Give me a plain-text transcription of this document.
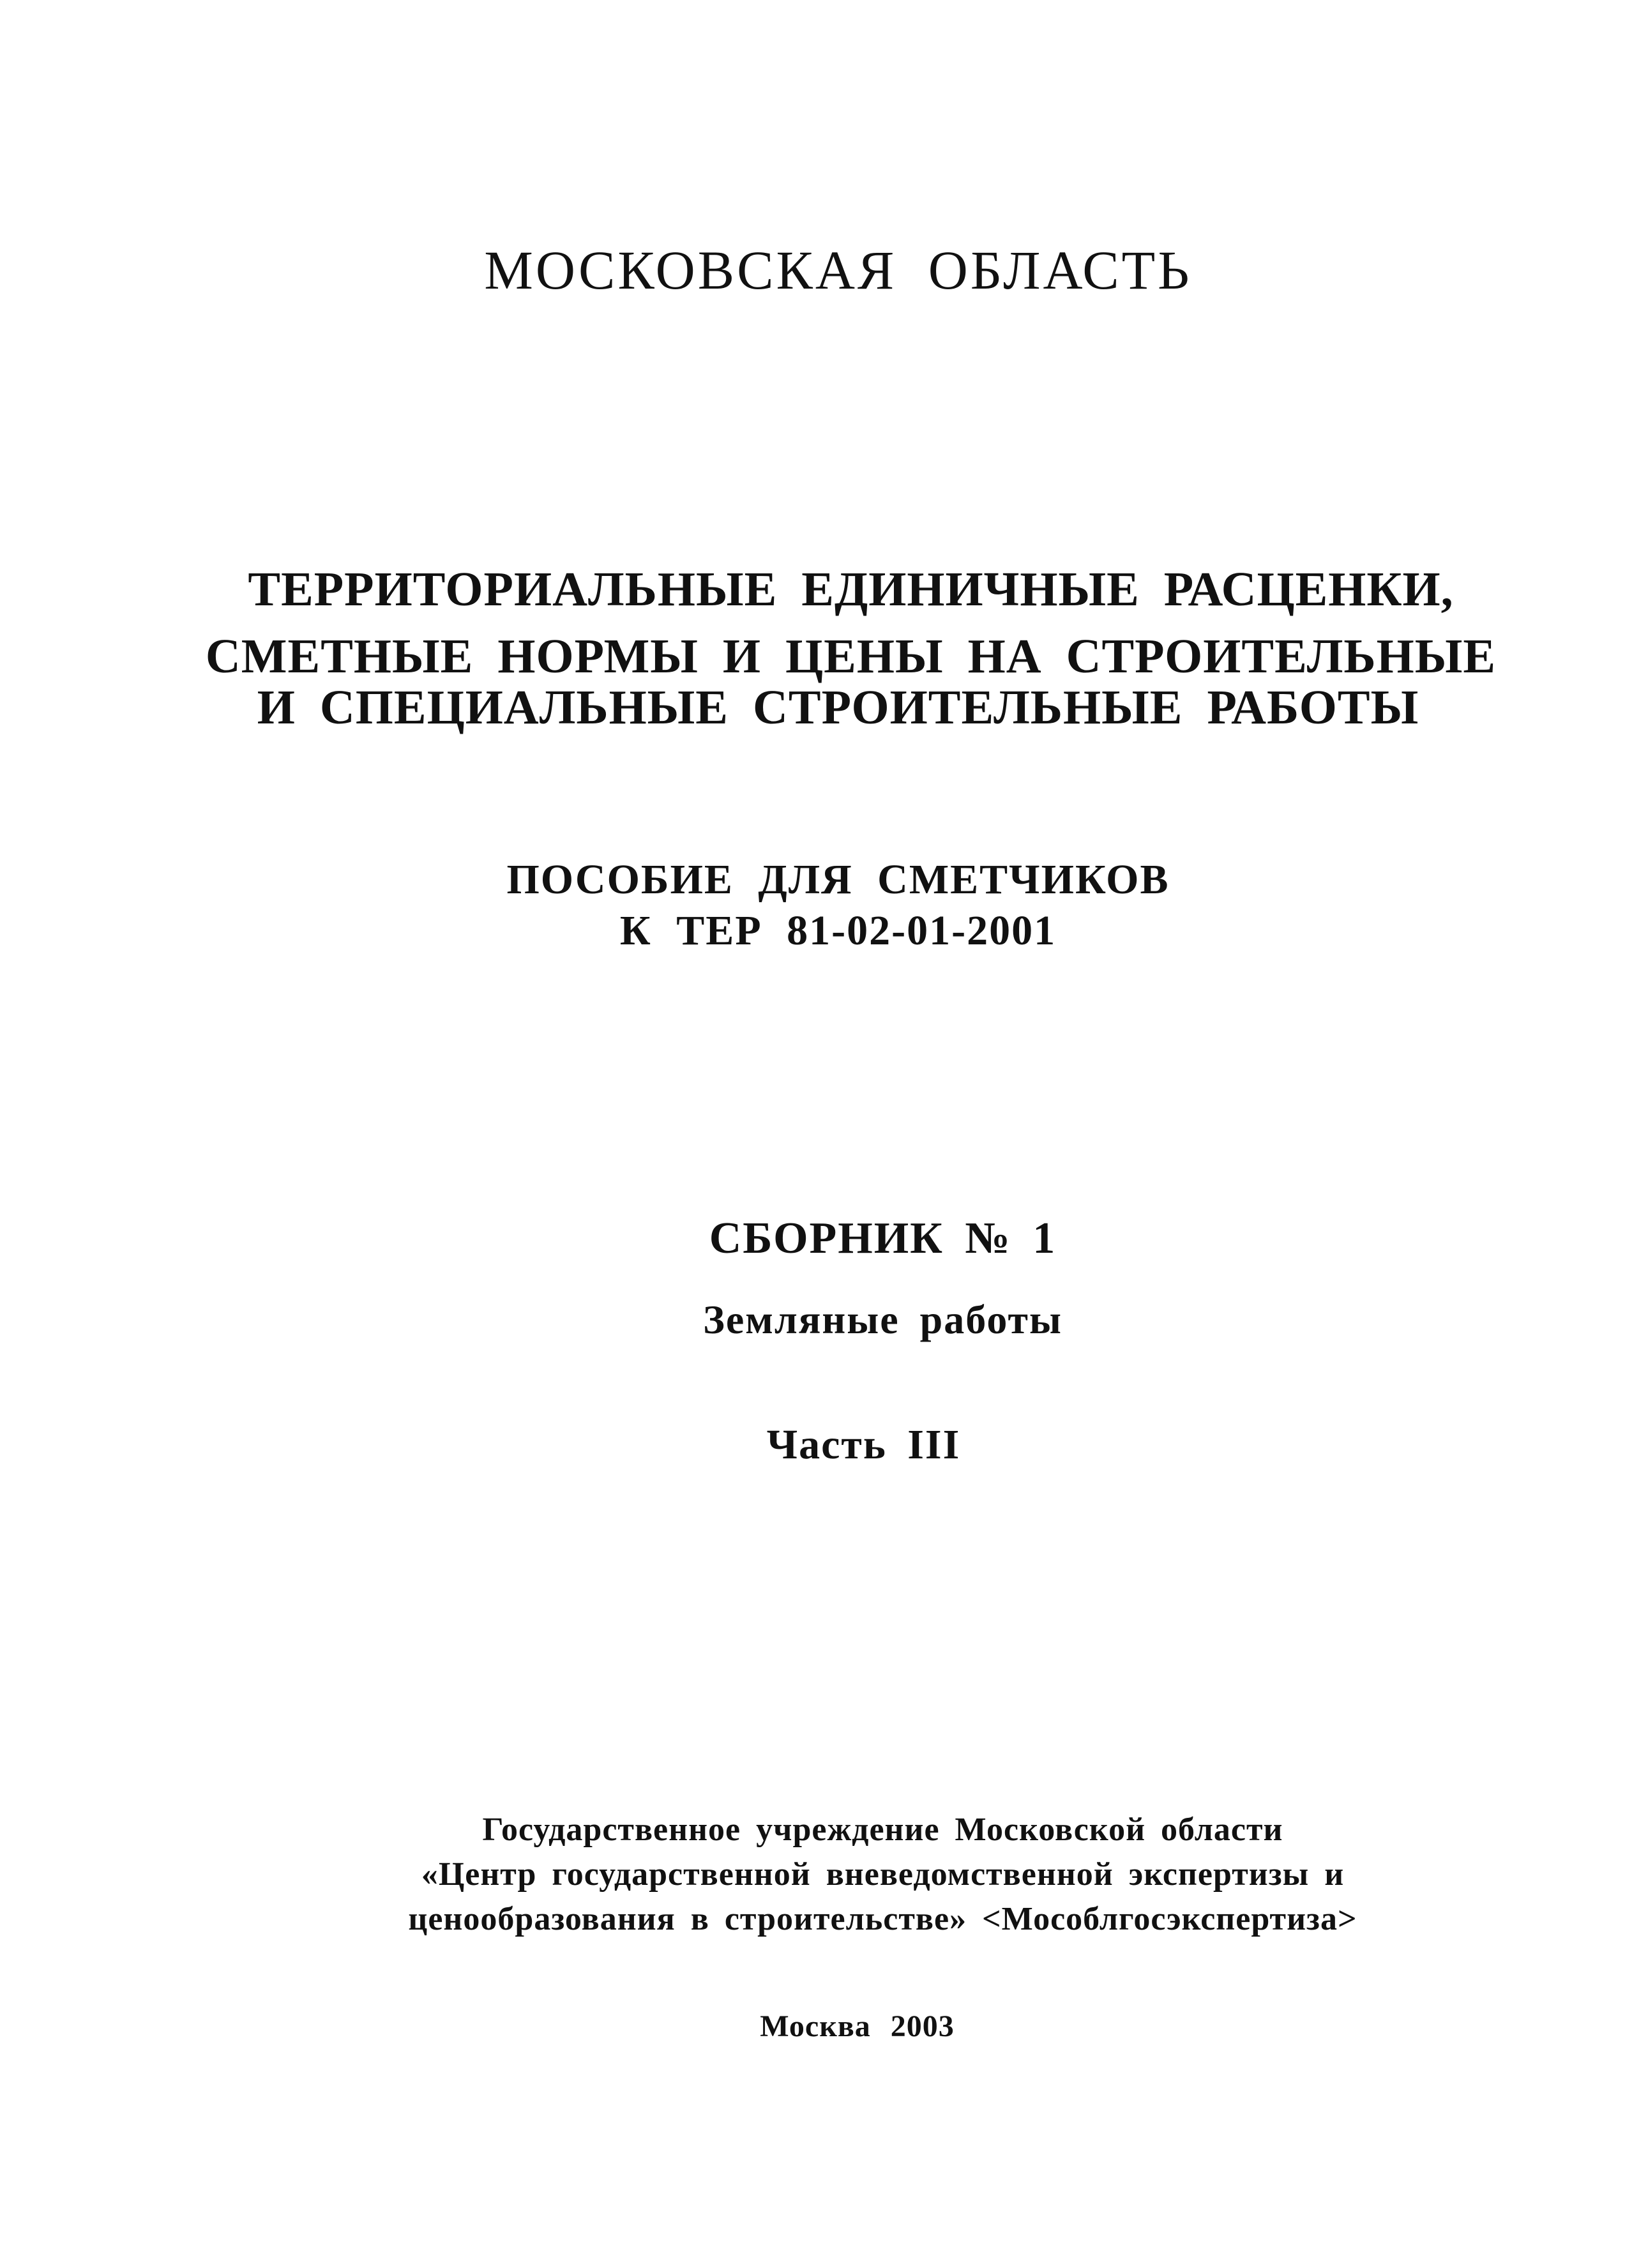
МОСКОВСКАЯ ОБЛАСТЬ

ТЕРРИТОРИАЛЬНЫЕ ЕДИНИЧНЫЕ РАСЦЕНКИ,

СМЕТНЫЕ НОРМЫ И ЦЕНЫ НА СТРОИТЕЛЬНЫЕ

И СПЕЦИАЛЬНЫЕ СТРОИТЕЛЬНЫЕ РАБОТЫ

ПОСОБИЕ ДЛЯ СМЕТЧИКОВ

К ТЕР 81-02-01-2001

СБОРНИК № 1

Земляные работы

Часть III

Государственное учреждение Московской области

«Центр государственной вневедомственной экспертизы и

ценообразования в строительстве» <Мособлгосэкспертиза>

Москва 2003
